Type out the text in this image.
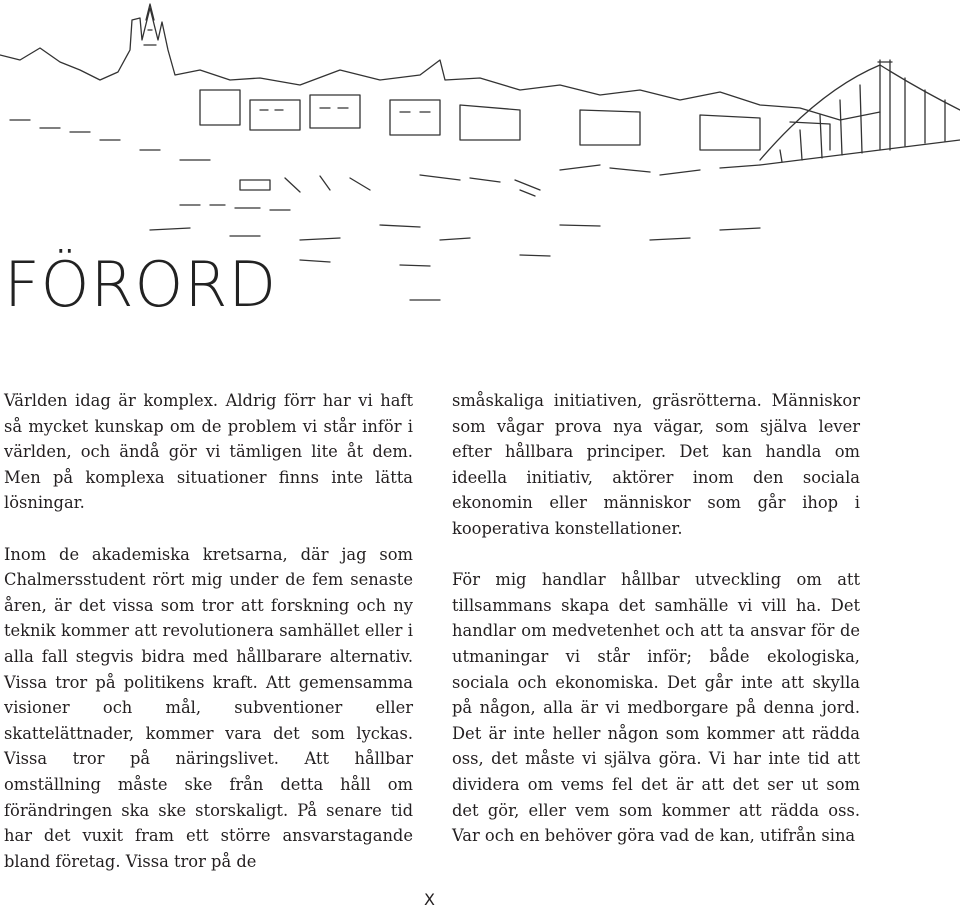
FÖRORD

Världen idag är komplex. Aldrig förr har vi haft så mycket kunskap om de problem vi står inför i världen, och ändå gör vi tämligen lite åt dem. Men på komplexa situationer finns inte lätta lösningar.

Inom de akademiska kretsarna, där jag som Chalmersstudent rört mig under de fem senaste åren, är det vissa som tror att forskning och ny teknik kommer att revolutionera samhället eller i alla fall stegvis bidra med hållbarare alternativ. Vissa tror på politikens kraft. Att gemensamma visioner och mål, subventioner eller skattelättnader, kommer vara det som lyckas. Vissa tror på näringslivet. Att hållbar omställning måste ske från detta håll om förändringen ska ske storskaligt. På senare tid har det vuxit fram ett större ansvarstagande bland företag. Vissa tror på de

småskaliga initiativen, gräsrötterna. Människor som vågar prova nya vägar, som själva lever efter hållbara principer. Det kan handla om ideella initiativ, aktörer inom den sociala ekonomin eller människor som går ihop i kooperativa konstellationer.

För mig handlar hållbar utveckling om att tillsammans skapa det samhälle vi vill ha. Det handlar om medvetenhet och att ta ansvar för de utmaningar vi står inför; både ekologiska, sociala och ekonomiska. Det går inte att skylla på någon, alla är vi medborgare på denna jord. Det är inte heller någon som kommer att rädda oss, det måste vi själva göra. Vi har inte tid att dividera om vems fel det är att det ser ut som det gör, eller vem som kommer att rädda oss. Var och en behöver göra vad de kan, utifrån sina

X
